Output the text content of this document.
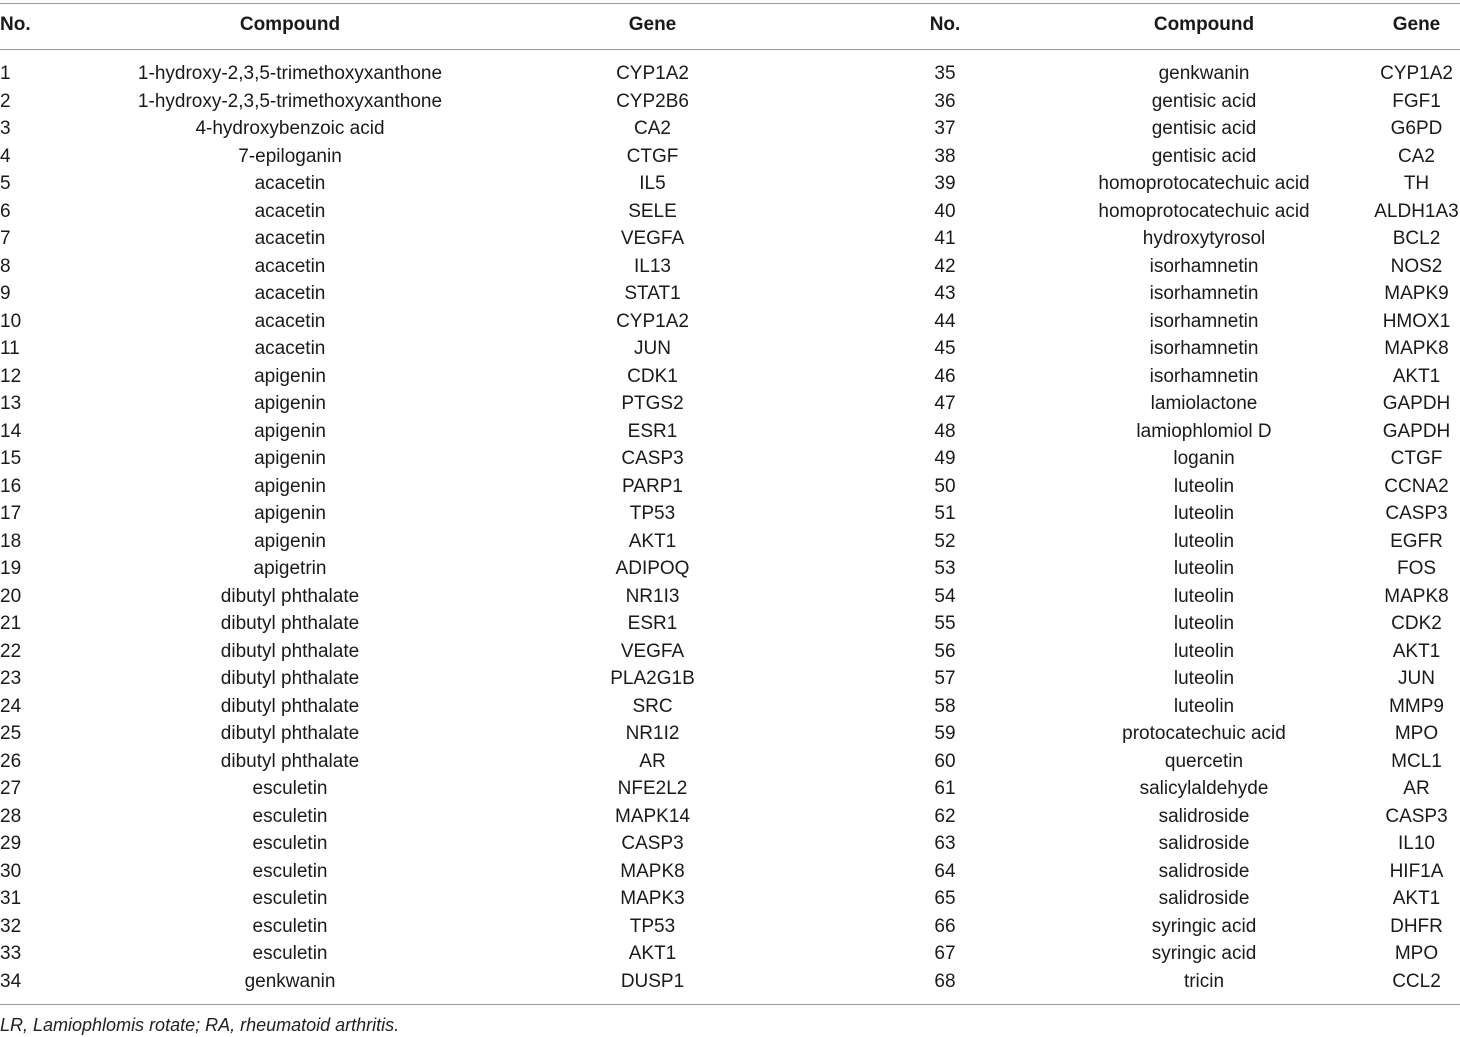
No.	Compound	Gene	No.	Compound	Gene

1	1-hydroxy-2,3,5-trimethoxyxanthone	CYP1A2	35	genkwanin	CYP1A2
2	1-hydroxy-2,3,5-trimethoxyxanthone	CYP2B6	36	gentisic acid	FGF1
3	4-hydroxybenzoic acid	CA2	37	gentisic acid	G6PD
4	7-epiloganin	CTGF	38	gentisic acid	CA2
5	acacetin	IL5	39	homoprotocatechuic acid	TH
6	acacetin	SELE	40	homoprotocatechuic acid	ALDH1A3
7	acacetin	VEGFA	41	hydroxytyrosol	BCL2
8	acacetin	IL13	42	isorhamnetin	NOS2
9	acacetin	STAT1	43	isorhamnetin	MAPK9
10	acacetin	CYP1A2	44	isorhamnetin	HMOX1
11	acacetin	JUN	45	isorhamnetin	MAPK8
12	apigenin	CDK1	46	isorhamnetin	AKT1
13	apigenin	PTGS2	47	lamiolactone	GAPDH
14	apigenin	ESR1	48	lamiophlomiol D	GAPDH
15	apigenin	CASP3	49	loganin	CTGF
16	apigenin	PARP1	50	luteolin	CCNA2
17	apigenin	TP53	51	luteolin	CASP3
18	apigenin	AKT1	52	luteolin	EGFR
19	apigetrin	ADIPOQ	53	luteolin	FOS
20	dibutyl phthalate	NR1I3	54	luteolin	MAPK8
21	dibutyl phthalate	ESR1	55	luteolin	CDK2
22	dibutyl phthalate	VEGFA	56	luteolin	AKT1
23	dibutyl phthalate	PLA2G1B	57	luteolin	JUN
24	dibutyl phthalate	SRC	58	luteolin	MMP9
25	dibutyl phthalate	NR1I2	59	protocatechuic acid	MPO
26	dibutyl phthalate	AR	60	quercetin	MCL1
27	esculetin	NFE2L2	61	salicylaldehyde	AR
28	esculetin	MAPK14	62	salidroside	CASP3
29	esculetin	CASP3	63	salidroside	IL10
30	esculetin	MAPK8	64	salidroside	HIF1A
31	esculetin	MAPK3	65	salidroside	AKT1
32	esculetin	TP53	66	syringic acid	DHFR
33	esculetin	AKT1	67	syringic acid	MPO
34	genkwanin	DUSP1	68	tricin	CCL2
LR, Lamiophlomis rotate; RA, rheumatoid arthritis.
